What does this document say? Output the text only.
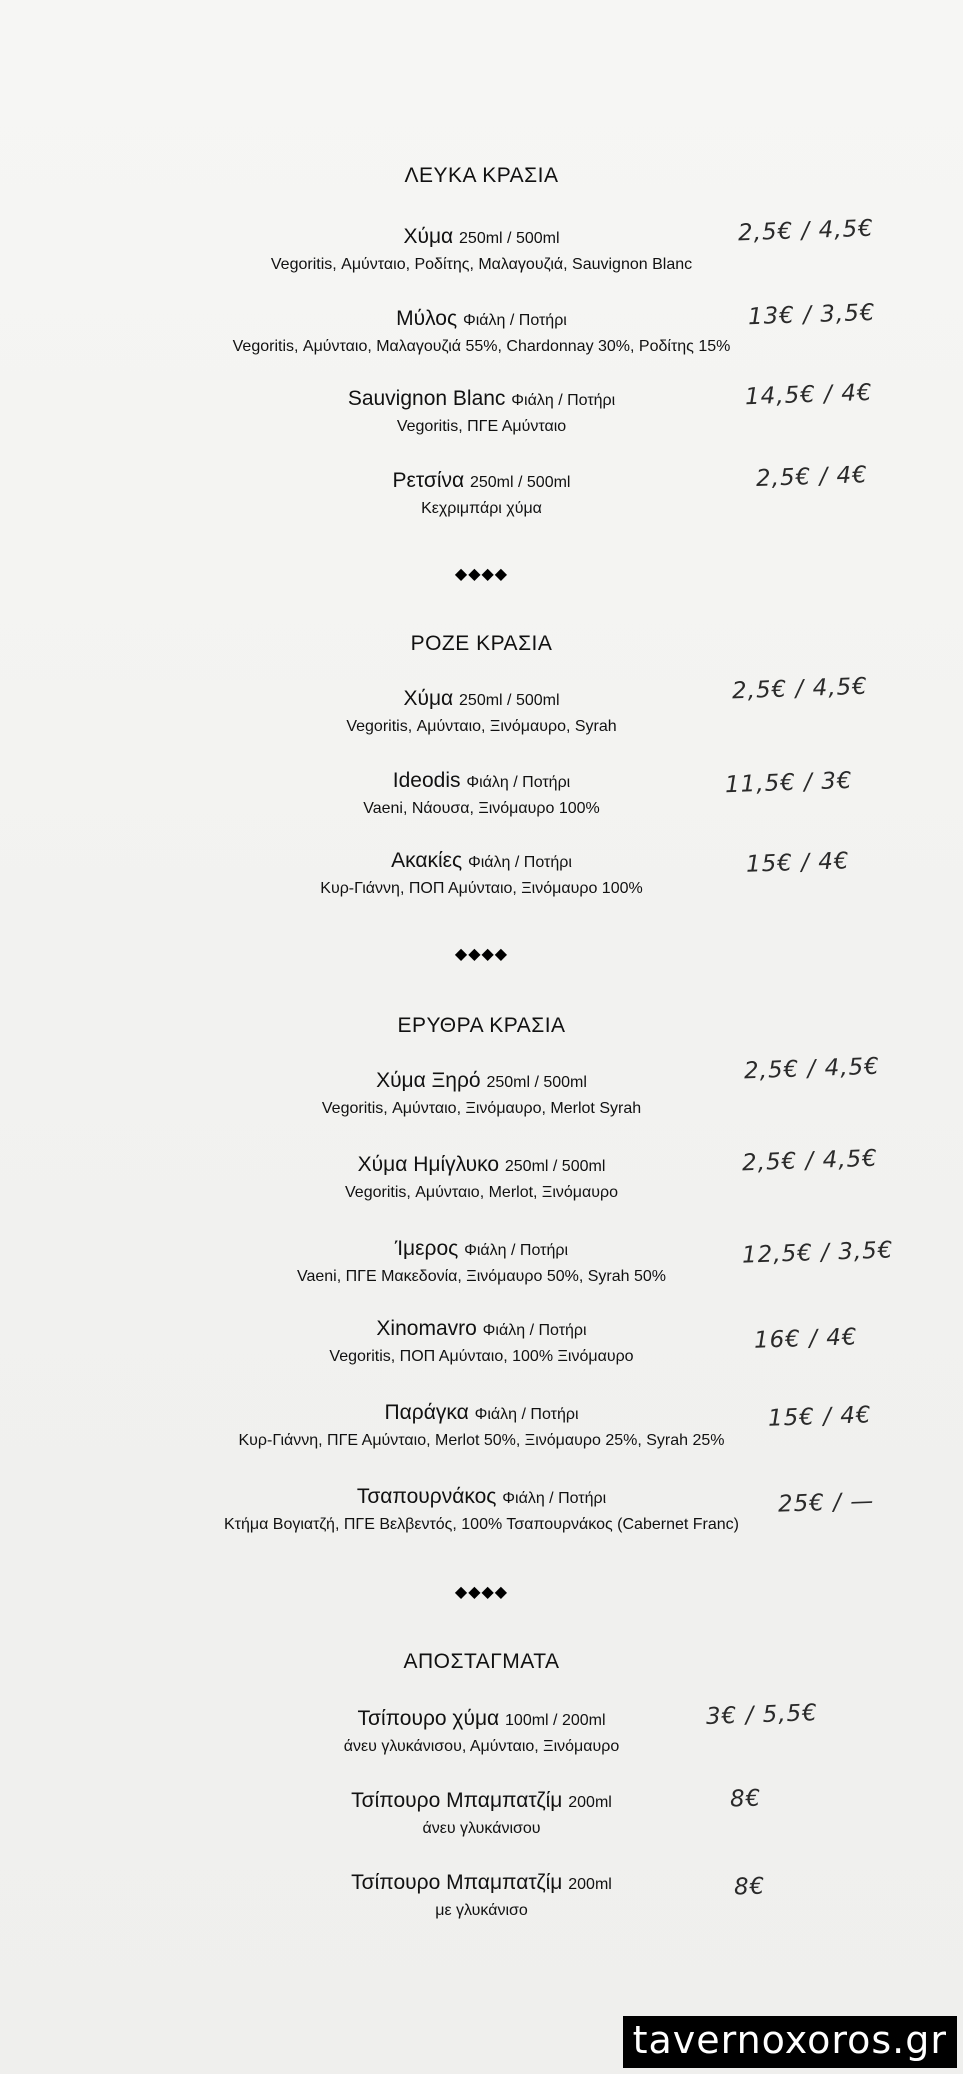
ΛΕΥΚΑ ΚΡΑΣΙΑ
Χύμα 250ml / 500ml
Vegoritis, Αμύνταιο, Ροδίτης, Μαλαγουζιά, Sauvignon Blanc
2,5€ / 4,5€
Μύλος Φιάλη / Ποτήρι
Vegoritis, Αμύνταιο, Μαλαγουζιά 55%, Chardonnay 30%, Ροδίτης 15%
13€ / 3,5€
Sauvignon Blanc Φιάλη / Ποτήρι
Vegoritis, ΠΓΕ Αμύνταιο
14,5€ / 4€
Ρετσίνα 250ml / 500ml
Κεχριμπάρι χύμα
2,5€ / 4€
◆◆◆◆
ΡΟΖΕ ΚΡΑΣΙΑ
Χύμα 250ml / 500ml
Vegoritis, Αμύνταιο, Ξινόμαυρο, Syrah
2,5€ / 4,5€
Ideodis Φιάλη / Ποτήρι
Vaeni, Νάουσα, Ξινόμαυρο 100%
11,5€ / 3€
Ακακίες Φιάλη / Ποτήρι
Κυρ-Γιάννη, ΠΟΠ Αμύνταιο, Ξινόμαυρο 100%
15€ / 4€
◆◆◆◆
ΕΡΥΘΡΑ ΚΡΑΣΙΑ
Χύμα Ξηρό 250ml / 500ml
Vegoritis, Αμύνταιο, Ξινόμαυρο, Merlot Syrah
2,5€ / 4,5€
Χύμα Ημίγλυκο 250ml / 500ml
Vegoritis, Αμύνταιο, Merlot, Ξινόμαυρο
2,5€ / 4,5€
Ίμερος Φιάλη / Ποτήρι
Vaeni, ΠΓΕ Μακεδονία, Ξινόμαυρο 50%, Syrah 50%
12,5€ / 3,5€
Xinomavro Φιάλη / Ποτήρι
Vegoritis, ΠΟΠ Αμύνταιο, 100% Ξινόμαυρο
16€ / 4€
Παράγκα Φιάλη / Ποτήρι
Κυρ-Γιάννη, ΠΓΕ Αμύνταιο, Merlot 50%, Ξινόμαυρο 25%, Syrah 25%
15€ / 4€
Τσαπουρνάκος Φιάλη / Ποτήρι
Κτήμα Βογιατζή, ΠΓΕ Βελβεντός, 100% Τσαπουρνάκος (Cabernet Franc)
25€ / —
◆◆◆◆
ΑΠΟΣΤΑΓΜΑΤΑ
Τσίπουρο χύμα 100ml / 200ml
άνευ γλυκάνισου, Αμύνταιο, Ξινόμαυρο
3€ / 5,5€
Τσίπουρο Μπαμπατζίμ 200ml
άνευ γλυκάνισου
8€
Τσίπουρο Μπαμπατζίμ 200ml
με γλυκάνισο
8€
tavernoxoros.gr
